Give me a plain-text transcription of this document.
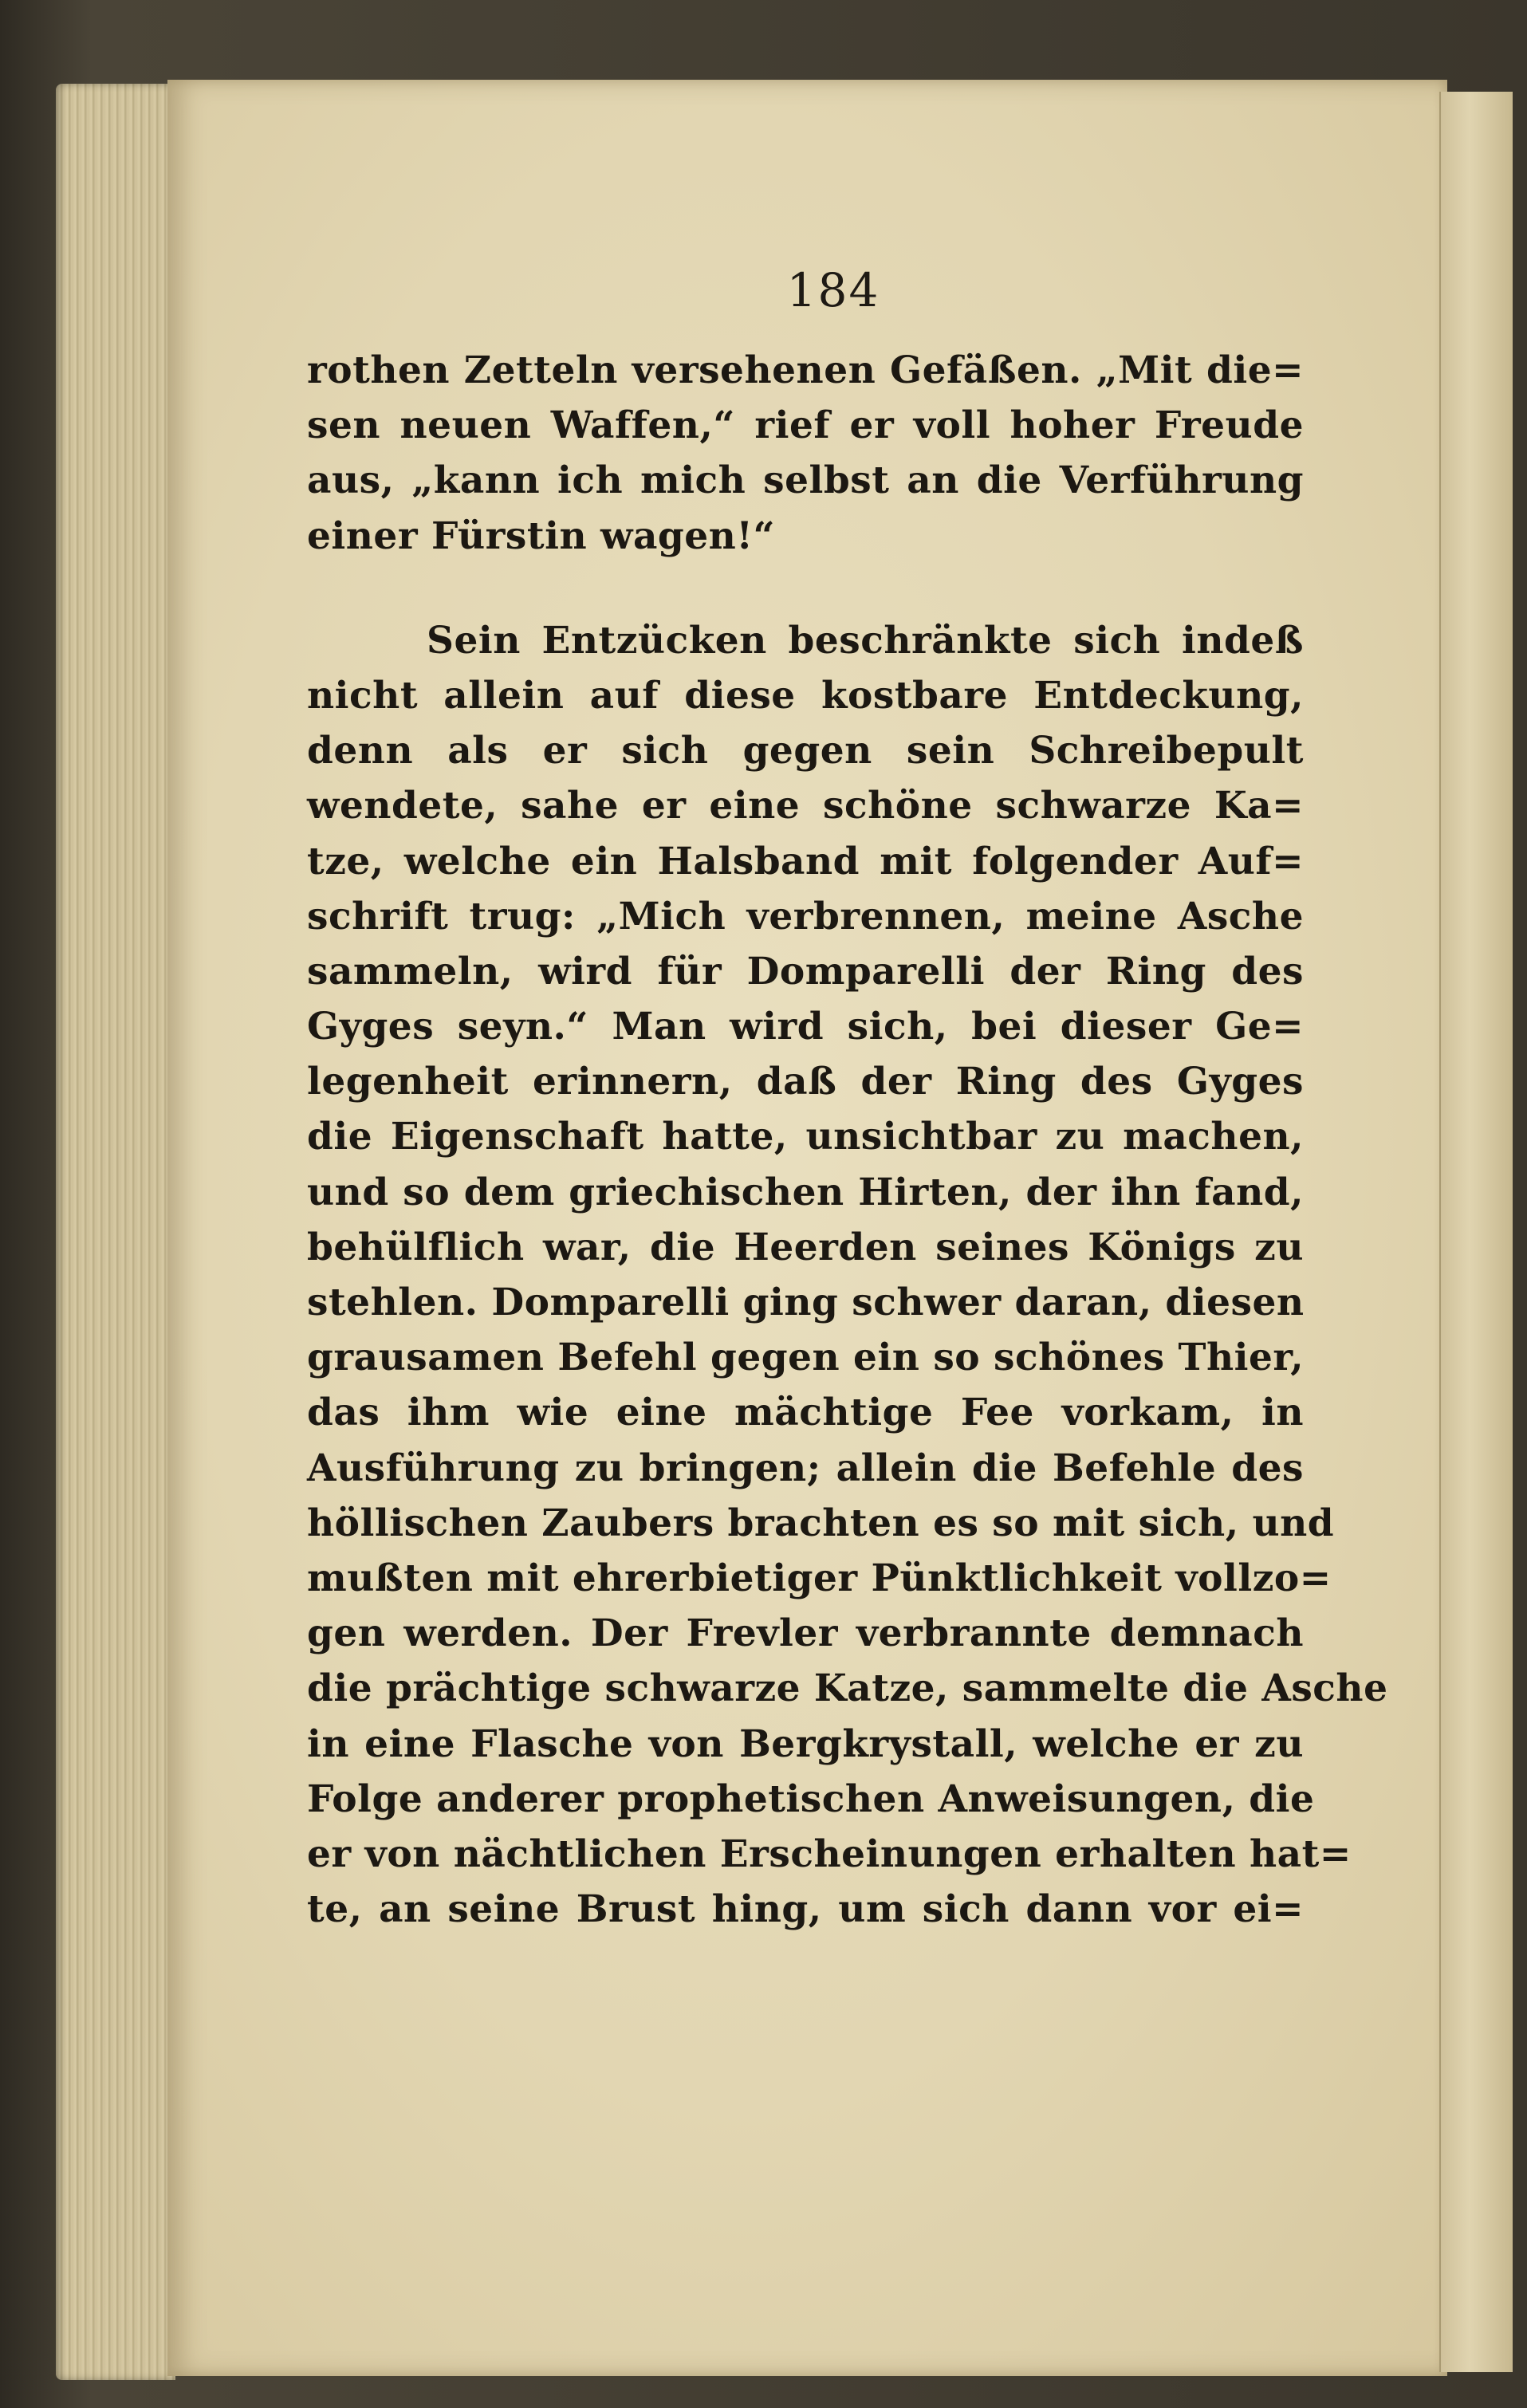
184
rothen Zetteln versehenen Gefäßen. „Mit die=
sen neuen Waffen,“ rief er voll hoher Freude
aus, „kann ich mich selbst an die Verführung
einer Fürstin wagen!“
Sein Entzücken beschränkte sich indeß
nicht allein auf diese kostbare Entdeckung,
denn als er sich gegen sein Schreibepult
wendete, sahe er eine schöne schwarze Ka=
tze, welche ein Halsband mit folgender Auf=
schrift trug: „Mich verbrennen, meine Asche
sammeln, wird für Domparelli der Ring des
Gyges seyn.“ Man wird sich, bei dieser Ge=
legenheit erinnern, daß der Ring des Gyges
die Eigenschaft hatte, unsichtbar zu machen,
und so dem griechischen Hirten, der ihn fand,
behülflich war, die Heerden seines Königs zu
stehlen. Domparelli ging schwer daran, diesen
grausamen Befehl gegen ein so schönes Thier,
das ihm wie eine mächtige Fee vorkam, in
Ausführung zu bringen; allein die Befehle des
höllischen Zaubers brachten es so mit sich, und
mußten mit ehrerbietiger Pünktlichkeit vollzo=
gen werden. Der Frevler verbrannte demnach
die prächtige schwarze Katze, sammelte die Asche
in eine Flasche von Bergkrystall, welche er zu
Folge anderer prophetischen Anweisungen, die
er von nächtlichen Erscheinungen erhalten hat=
te, an seine Brust hing, um sich dann vor ei=
